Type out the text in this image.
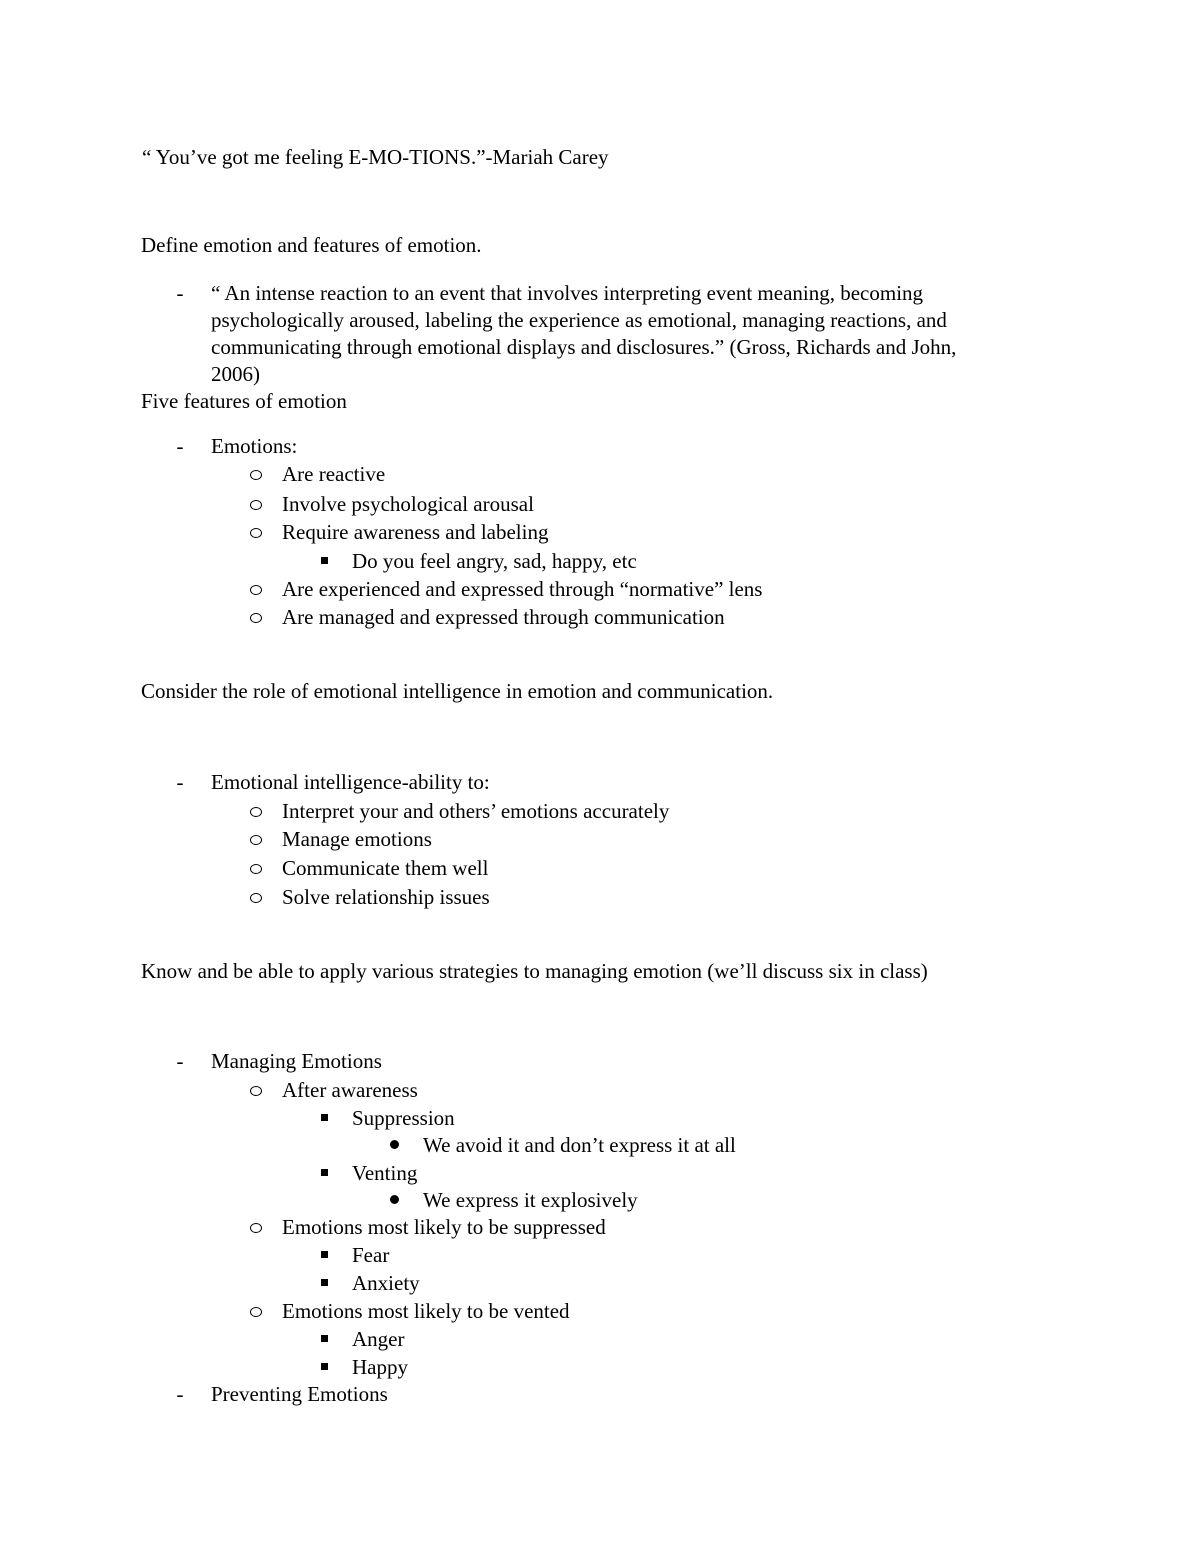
“ You’ve got me feeling E-MO-TIONS.”-Mariah Carey
Define emotion and features of emotion.
-	“ An intense reaction to an event that involves interpreting event meaning, becoming
psychologically aroused, labeling the experience as emotional, managing reactions, and
communicating through emotional displays and disclosures.” (Gross, Richards and John,
2006)
Five features of emotion
-	Emotions:
Are reactive
Involve psychological arousal
Require awareness and labeling
Do you feel angry, sad, happy, etc
Are experienced and expressed through “normative” lens
Are managed and expressed through communication
Consider the role of emotional intelligence in emotion and communication.
-	Emotional intelligence-ability to:
Interpret your and others’ emotions accurately
Manage emotions
Communicate them well
Solve relationship issues
Know and be able to apply various strategies to managing emotion (we’ll discuss six in class)
-	Managing Emotions
After awareness
Suppression
We avoid it and don’t express it at all
Venting
We express it explosively
Emotions most likely to be suppressed
Fear
Anxiety
Emotions most likely to be vented
Anger
Happy
-	Preventing Emotions
